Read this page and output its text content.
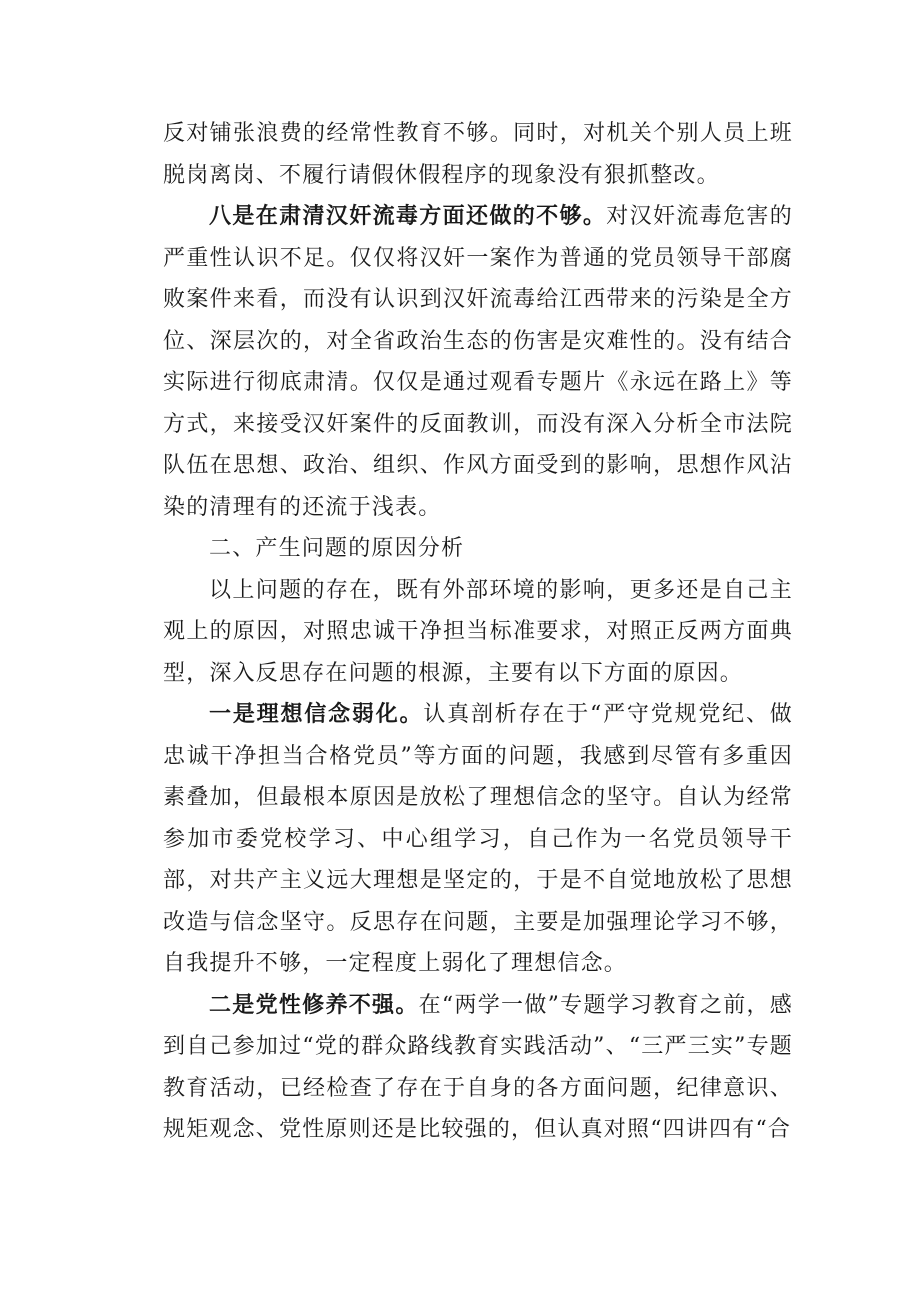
反对铺张浪费的经常性教育不够。同时，对机关个别人员上班脱岗离岗、不履行请假休假程序的现象没有狠抓整改。

八是在肃清汉奸流毒方面还做的不够。对汉奸流毒危害的严重性认识不足。仅仅将汉奸一案作为普通的党员领导干部腐败案件来看，而没有认识到汉奸流毒给江西带来的污染是全方位、深层次的，对全省政治生态的伤害是灾难性的。没有结合实际进行彻底肃清。仅仅是通过观看专题片《永远在路上》等方式，来接受汉奸案件的反面教训，而没有深入分析全市法院队伍在思想、政治、组织、作风方面受到的影响，思想作风沾染的清理有的还流于浅表。

二、产生问题的原因分析

以上问题的存在，既有外部环境的影响，更多还是自己主观上的原因，对照忠诚干净担当标准要求，对照正反两方面典型，深入反思存在问题的根源，主要有以下方面的原因。

一是理想信念弱化。认真剖析存在于“严守党规党纪、做忠诚干净担当合格党员”等方面的问题，我感到尽管有多重因素叠加，但最根本原因是放松了理想信念的坚守。自认为经常参加市委党校学习、中心组学习，自己作为一名党员领导干部，对共产主义远大理想是坚定的，于是不自觉地放松了思想改造与信念坚守。反思存在问题，主要是加强理论学习不够，自我提升不够，一定程度上弱化了理想信念。

二是党性修养不强。在“两学一做”专题学习教育之前，感到自己参加过“党的群众路线教育实践活动”、“三严三实”专题教育活动，已经检查了存在于自身的各方面问题，纪律意识、规矩观念、党性原则还是比较强的，但认真对照“四讲四有“合
